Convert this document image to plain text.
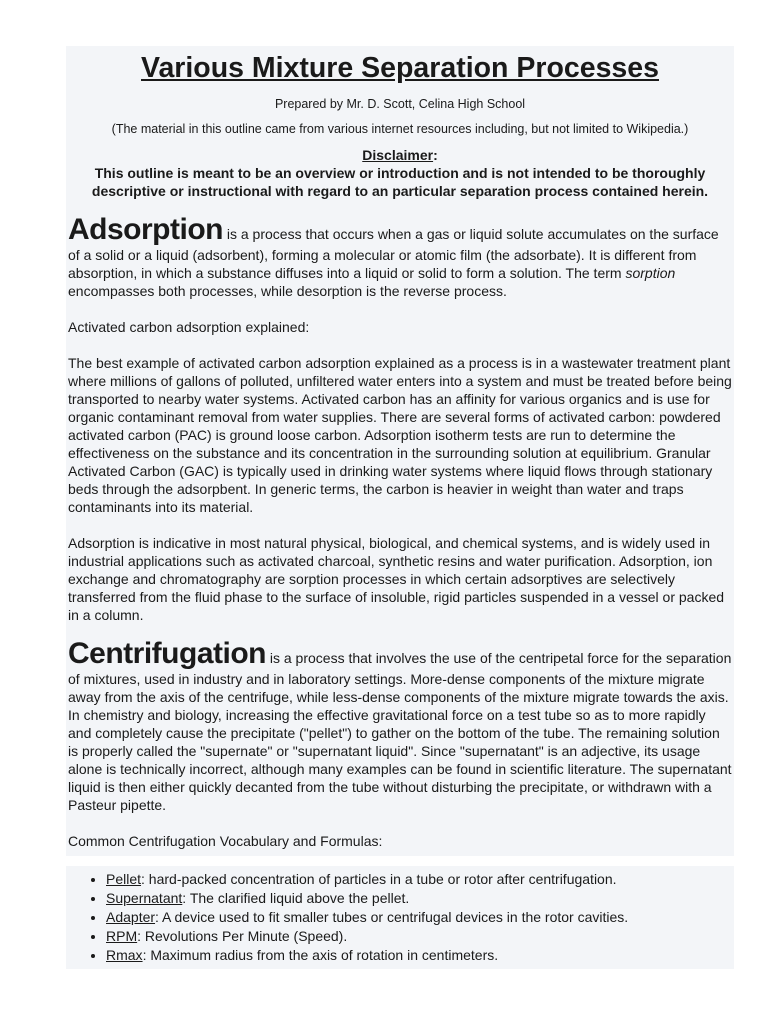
Various Mixture Separation Processes
Prepared by Mr. D. Scott, Celina High School
(The material in this outline came from various internet resources including, but not limited to Wikipedia.)
Disclaimer:
This outline is meant to be an overview or introduction and is not intended to be thoroughly descriptive or instructional with regard to an particular separation process contained herein.

Adsorption is a process that occurs when a gas or liquid solute accumulates on the surface of a solid or a liquid (adsorbent), forming a molecular or atomic film (the adsorbate). It is different from absorption, in which a substance diffuses into a liquid or solid to form a solution. The term sorption encompasses both processes, while desorption is the reverse process.

Activated carbon adsorption explained:

The best example of activated carbon adsorption explained as a process is in a wastewater treatment plant where millions of gallons of polluted, unfiltered water enters into a system and must be treated before being transported to nearby water systems. Activated carbon has an affinity for various organics and is use for organic contaminant removal from water supplies. There are several forms of activated carbon: powdered activated carbon (PAC) is ground loose carbon. Adsorption isotherm tests are run to determine the effectiveness on the substance and its concentration in the surrounding solution at equilibrium. Granular Activated Carbon (GAC) is typically used in drinking water systems where liquid flows through stationary beds through the adsorpbent. In generic terms, the carbon is heavier in weight than water and traps contaminants into its material.

Adsorption is indicative in most natural physical, biological, and chemical systems, and is widely used in industrial applications such as activated charcoal, synthetic resins and water purification. Adsorption, ion exchange and chromatography are sorption processes in which certain adsorptives are selectively transferred from the fluid phase to the surface of insoluble, rigid particles suspended in a vessel or packed in a column.

Centrifugation is a process that involves the use of the centripetal force for the separation of mixtures, used in industry and in laboratory settings. More-dense components of the mixture migrate away from the axis of the centrifuge, while less-dense components of the mixture migrate towards the axis. In chemistry and biology, increasing the effective gravitational force on a test tube so as to more rapidly and completely cause the precipitate ("pellet") to gather on the bottom of the tube. The remaining solution is properly called the "supernate" or "supernatant liquid". Since "supernatant" is an adjective, its usage alone is technically incorrect, although many examples can be found in scientific literature. The supernatant liquid is then either quickly decanted from the tube without disturbing the precipitate, or withdrawn with a Pasteur pipette.

Common Centrifugation Vocabulary and Formulas:

• Pellet: hard-packed concentration of particles in a tube or rotor after centrifugation.
• Supernatant: The clarified liquid above the pellet.
• Adapter: A device used to fit smaller tubes or centrifugal devices in the rotor cavities.
• RPM: Revolutions Per Minute (Speed).
• Rmax: Maximum radius from the axis of rotation in centimeters.
